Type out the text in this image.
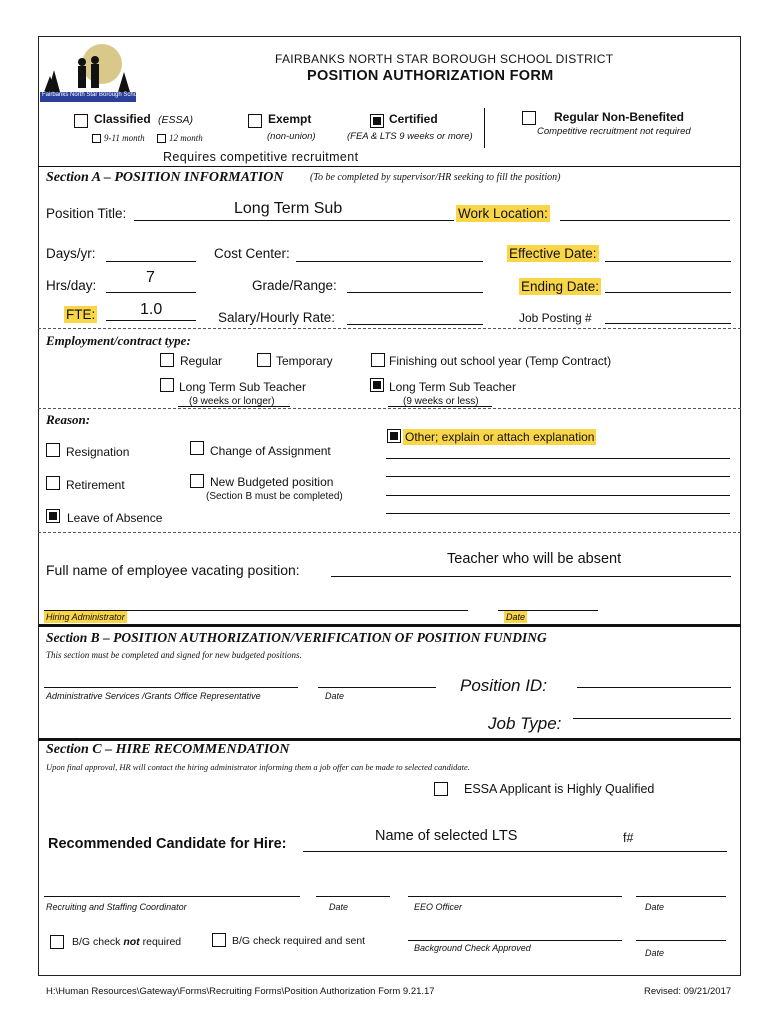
Fairbanks North Star Borough School District
FAIRBANKS NORTH STAR BOROUGH SCHOOL DISTRICT
POSITION AUTHORIZATION FORM
Classified (ESSA)
9-11 month	12 month
Exempt
(non-union)
Certified
(FEA & LTS 9 weeks or more)
Regular Non-Benefited
Competitive recruitment not required
Requires competitive recruitment
Section A – POSITION INFORMATION	(To be completed by supervisor/HR seeking to fill the position)
Position Title:	Long Term Sub	Work Location:
Days/yr:	Cost Center:	Effective Date:
Hrs/day:	7	Grade/Range:	Ending Date:
FTE:	1.0	Salary/Hourly Rate:	Job Posting #
Employment/contract type:
Regular	Temporary	Finishing out school year (Temp Contract)
Long Term Sub Teacher
(9 weeks or longer)
Long Term Sub Teacher
(9 weeks or less)
Reason:
Resignation	Change of Assignment
Other; explain or attach explanation
Retirement	New Budgeted position
(Section B must be completed)
Leave of Absence
Full name of employee vacating position:
Teacher who will be absent
Hiring Administrator	Date
Section B – POSITION AUTHORIZATION/VERIFICATION OF POSITION FUNDING
This section must be completed and signed for new budgeted positions.
Administrative Services /Grants Office Representative	Date
Position ID:
Job Type:
Section C – HIRE RECOMMENDATION
Upon final approval, HR will contact the hiring administrator informing them a job offer can be made to selected candidate.
ESSA Applicant is Highly Qualified
Recommended Candidate for Hire:	Name of selected LTS	f#
Recruiting and Staffing Coordinator	Date	EEO Officer	Date
B/G check not required	B/G check required and sent
Background Check Approved	Date
H:\Human Resources\Gateway\Forms\Recruiting Forms\Position Authorization Form 9.21.17	Revised: 09/21/2017
